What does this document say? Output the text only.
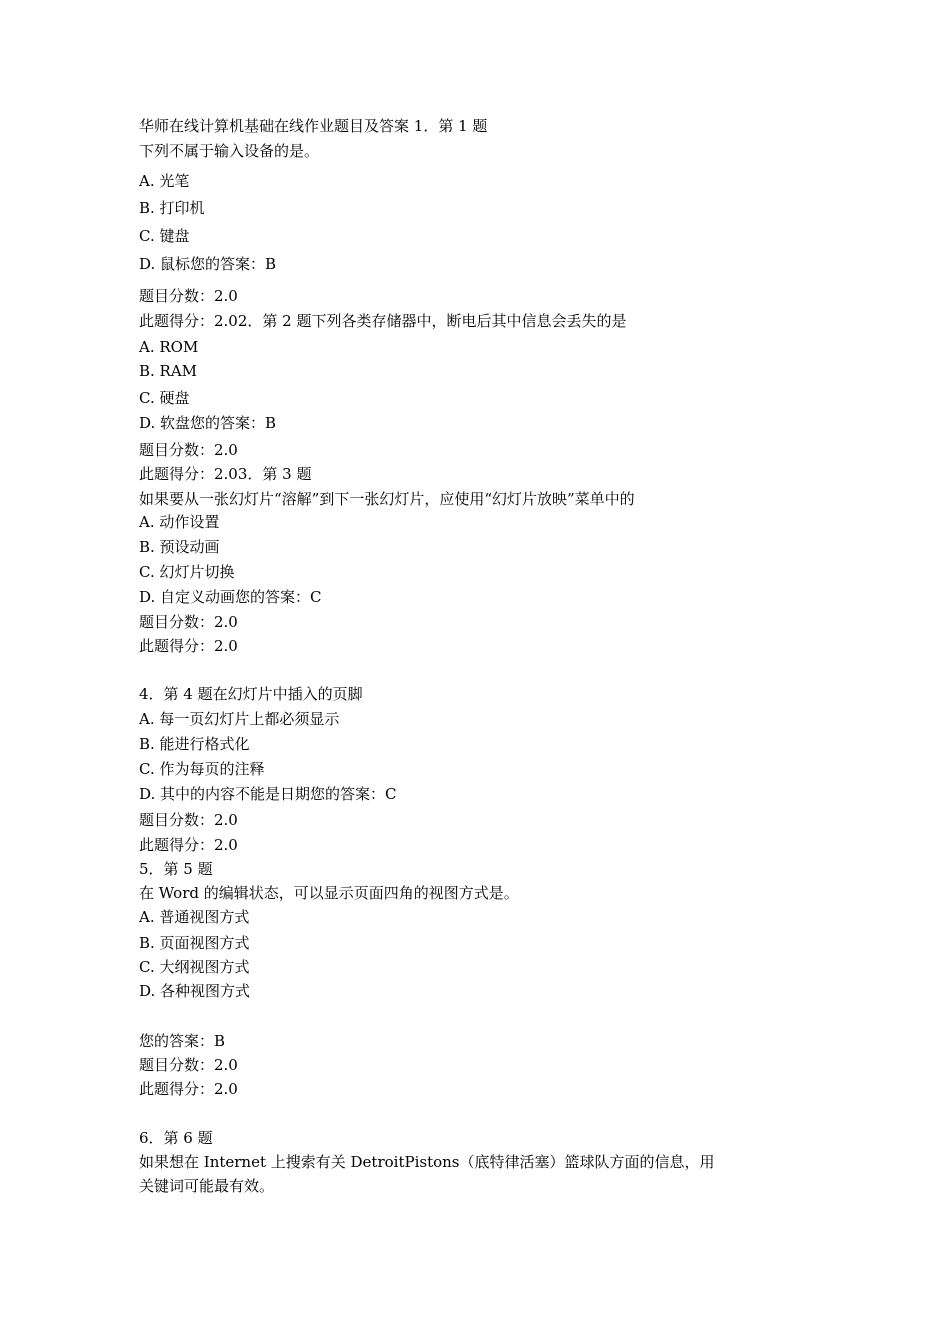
华师在线计算机基础在线作业题目及答案 1．第 1 题
下列不属于输入设备的是。
A. 光笔
B. 打印机
C. 键盘
D. 鼠标您的答案：B
题目分数：2.0
此题得分：2.02．第 2 题下列各类存储器中，断电后其中信息会丢失的是
A. ROM
B. RAM
C. 硬盘
D. 软盘您的答案：B
题目分数：2.0
此题得分：2.03．第 3 题
如果要从一张幻灯片“溶解”到下一张幻灯片，应使用“幻灯片放映”菜单中的
A. 动作设置
B. 预设动画
C. 幻灯片切换
D. 自定义动画您的答案：C
题目分数：2.0
此题得分：2.0
4．第 4 题在幻灯片中插入的页脚
A. 每一页幻灯片上都必须显示
B. 能进行格式化
C. 作为每页的注释
D. 其中的内容不能是日期您的答案：C
题目分数：2.0
此题得分：2.0
5．第 5 题
在 Word 的编辑状态，可以显示页面四角的视图方式是。
A. 普通视图方式
B. 页面视图方式
C. 大纲视图方式
D. 各种视图方式
您的答案：B
题目分数：2.0
此题得分：2.0
6．第 6 题
如果想在 Internet 上搜索有关 DetroitPistons（底特律活塞）篮球队方面的信息，用
关键词可能最有效。
